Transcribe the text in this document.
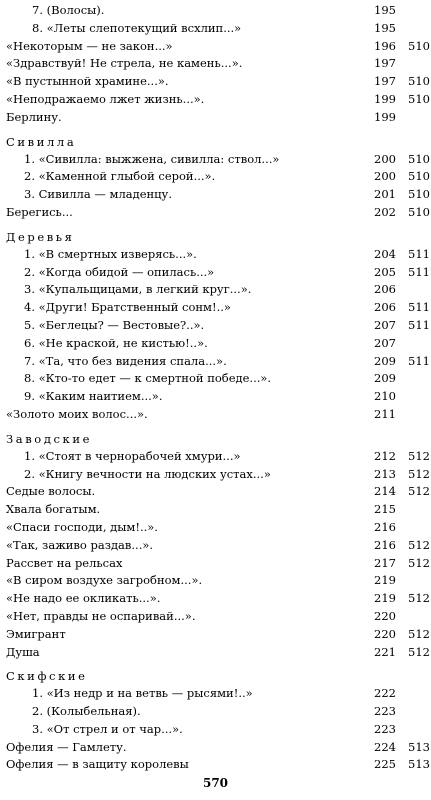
7. (Волосы).	195
8. «Леты слепотекущий всхлип...»	195
«Некоторым — не закон...»	196	510
«Здравствуй! Не стрела, не камень...».	197
«В пустынной храмине...».	197	510
«Неподражаемо лжет жизнь...».	199	510
Берлину.	199
Сивилла
1. «Сивилла: выжжена, сивилла: ствол...»	200	510
2. «Каменной глыбой серой...».	200	510
3. Сивилла — младенцу.	201	510
Берегись...	202	510
Деревья
1. «В смертных изверясь...».	204	511
2. «Когда обидой — опилась...»	205	511
3. «Купальщицами, в легкий круг...».	206
4. «Други! Братственный сонм!..»	206	511
5. «Беглецы? — Вестовые?..».	207	511
6. «Не краской, не кистью!..».	207
7. «Та, что без видения спала...».	209	511
8. «Кто-то едет — к смертной победе...».	209
9. «Каким наитием...».	210
«Золото моих волос...».	211
Заводские
1. «Стоят в чернорабочей хмури...»	212	512
2. «Книгу вечности на людских устах...»	213	512
Седые волосы.	214	512
Хвала богатым.	215
«Спаси господи, дым!..».	216
«Так, заживо раздав...».	216	512
Рассвет на рельсах	217	512
«В сиром воздухе загробном...».	219
«Не надо ее окликать...».	219	512
«Нет, правды не оспаривай...».	220
Эмигрант	220	512
Душа	221	512
Скифские
1. «Из недр и на ветвь — рысями!..»	222
2. (Колыбельная).	223
3. «От стрел и от чар...».	223
Офелия — Гамлету.	224	513
Офелия — в защиту королевы	225	513
570
